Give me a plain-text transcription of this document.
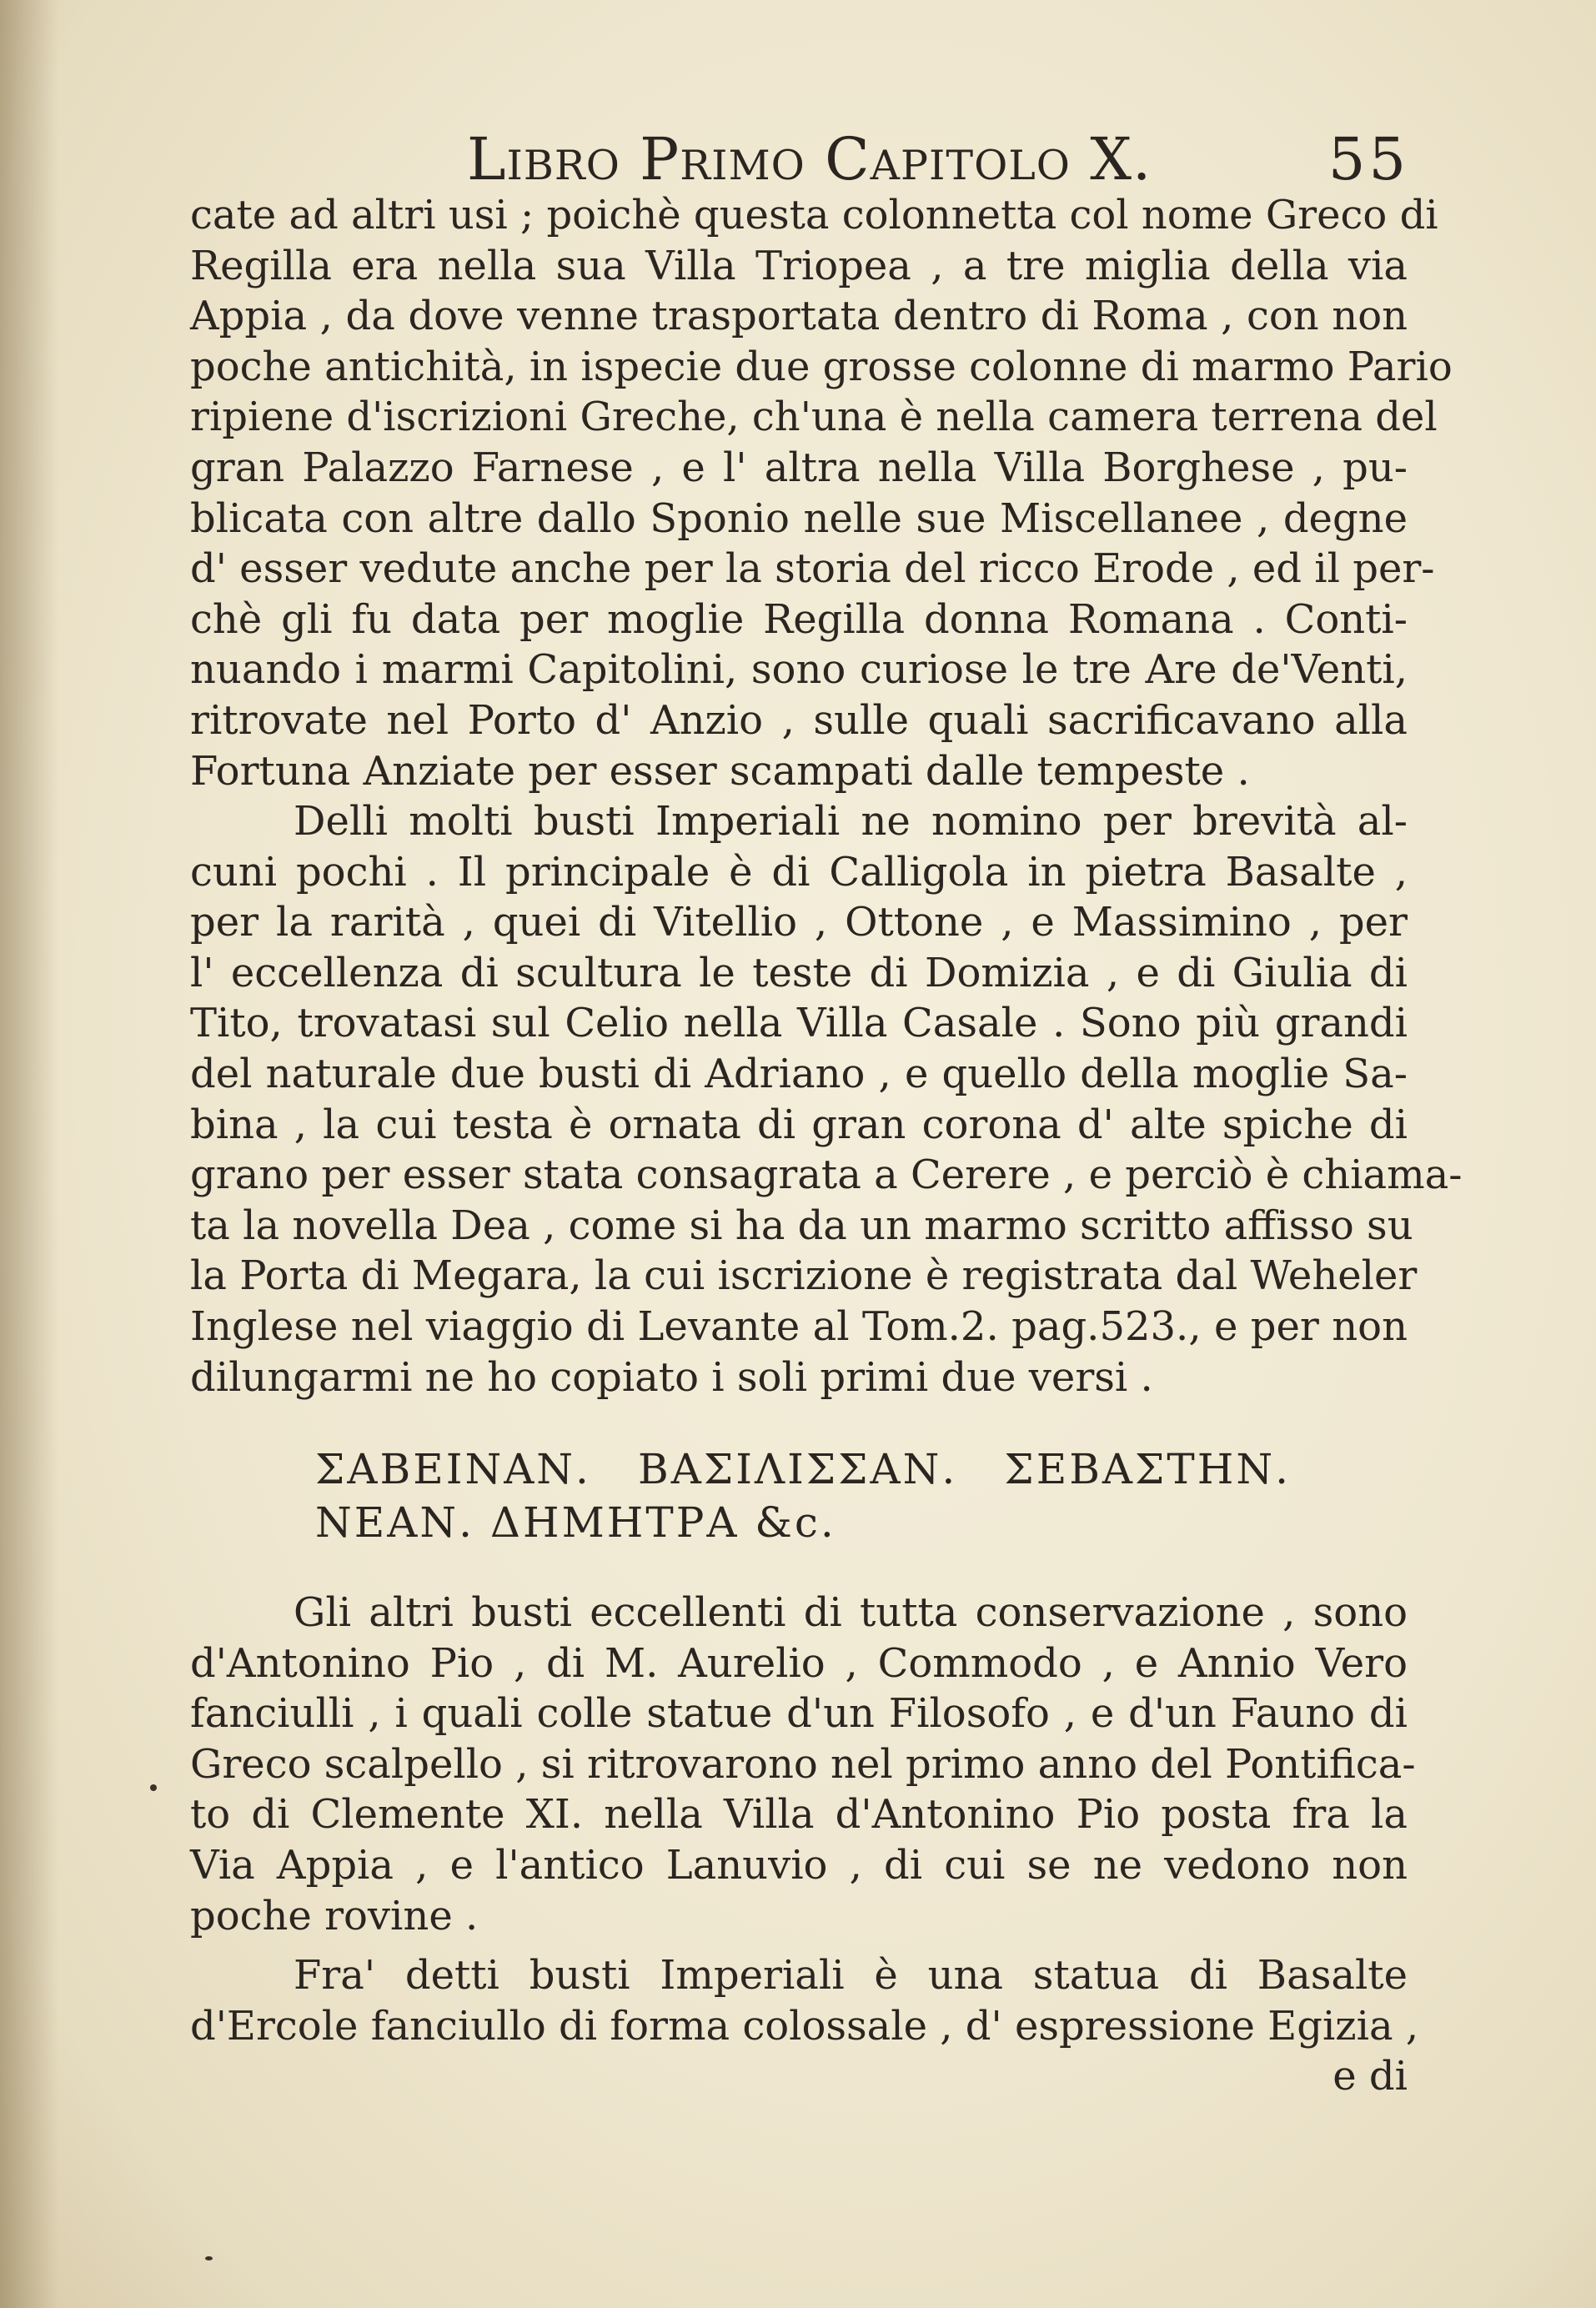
Libro Primo Capitolo X.	55
cate ad altri usi ; poichè questa colonnetta col nome Greco di
Regilla era nella sua Villa Triopea , a tre miglia della via
Appia , da dove venne trasportata dentro di Roma , con non
poche antichità, in ispecie due grosse colonne di marmo Pario
ripiene d'iscrizioni Greche, ch'una è nella camera terrena del
gran Palazzo Farnese , e l' altra nella Villa Borghese , pu-
blicata con altre dallo Sponio nelle sue Miscellanee , degne
d' esser vedute anche per la storia del ricco Erode , ed il per-
chè gli fu data per moglie Regilla donna Romana . Conti-
nuando i marmi Capitolini, sono curiose le tre Are de'Venti,
ritrovate nel Porto d' Anzio , sulle quali sacrificavano alla
Fortuna Anziate per esser scampati dalle tempeste .
Delli molti busti Imperiali ne nomino per brevità al-
cuni pochi . Il principale è di Calligola in pietra Basalte ,
per la rarità , quei di Vitellio , Ottone , e Massimino , per
l' eccellenza di scultura le teste di Domizia , e di Giulia di
Tito, trovatasi sul Celio nella Villa Casale . Sono più grandi
del naturale due busti di Adriano , e quello della moglie Sa-
bina , la cui testa è ornata di gran corona d' alte spiche di
grano per esser stata consagrata a Cerere , e perciò è chiama-
ta la novella Dea , come si ha da un marmo scritto affisso su
la Porta di Megara, la cui iscrizione è registrata dal Weheler
Inglese nel viaggio di Levante al Tom.2. pag.523., e per non
dilungarmi ne ho copiato i soli primi due versi .
ΣΑΒΕΙΝΑΝ. ΒΑΣΙΛΙΣΣΑΝ. ΣΕΒΑΣΤΗΝ.
ΝΕΑΝ. ΔΗΜΗΤΡΑ &c.
Gli altri busti eccellenti di tutta conservazione , sono
d'Antonino Pio , di M. Aurelio , Commodo , e Annio Vero
fanciulli , i quali colle statue d'un Filosofo , e d'un Fauno di
Greco scalpello , si ritrovarono nel primo anno del Pontifica-
to di Clemente XI. nella Villa d'Antonino Pio posta fra la
Via Appia , e l'antico Lanuvio , di cui se ne vedono non
poche rovine .
Fra' detti busti Imperiali è una statua di Basalte
d'Ercole fanciullo di forma colossale , d' espressione Egizia ,
e di
